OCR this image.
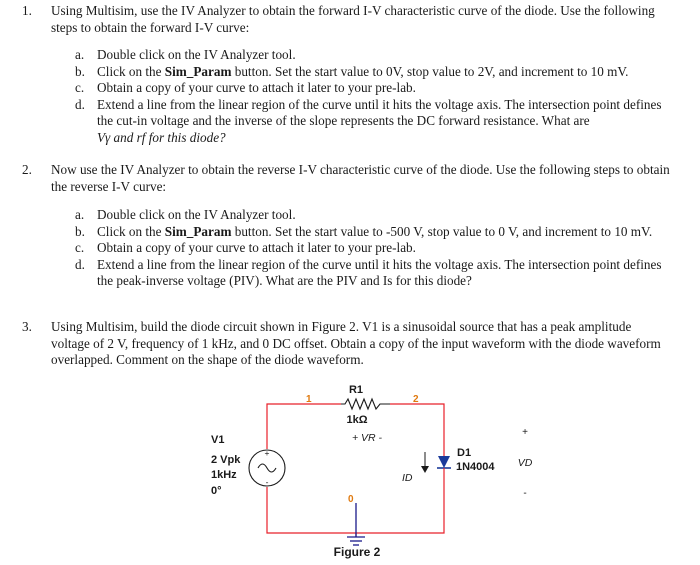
1. Using Multisim, use the IV Analyzer to obtain the forward I-V characteristic curve of the diode. Use the following steps to obtain the forward I-V curve:
a. Double click on the IV Analyzer tool.
b. Click on the Sim_Param button. Set the start value to 0V, stop value to 2V, and increment to 10 mV.
c. Obtain a copy of your curve to attach it later to your pre-lab.
d. Extend a line from the linear region of the curve until it hits the voltage axis. The intersection point defines the cut-in voltage and the inverse of the slope represents the DC forward resistance. What are
Vγ and rf for this diode?
2. Now use the IV Analyzer to obtain the reverse I-V characteristic curve of the diode. Use the following steps to obtain the reverse I-V curve:
a. Double click on the IV Analyzer tool.
b. Click on the Sim_Param button. Set the start value to -500 V, stop value to 0 V, and increment to 10 mV.
c. Obtain a copy of your curve to attach it later to your pre-lab.
d. Extend a line from the linear region of the curve until it hits the voltage axis. The intersection point defines the peak-inverse voltage (PIV). What are the PIV and Is for this diode?
3. Using Multisim, build the diode circuit shown in Figure 2. V1 is a sinusoidal source that has a peak amplitude voltage of 2 V, frequency of 1 kHz, and 0 DC offset. Obtain a copy of the input waveform with the diode waveform overlapped. Comment on the shape of the diode waveform.
R1
1kΩ
+ VR -
1	2
0
+
-
V1
2 Vpk
1kHz
0°
D1
1N4004
ID
+
VD
-
Figure 2
